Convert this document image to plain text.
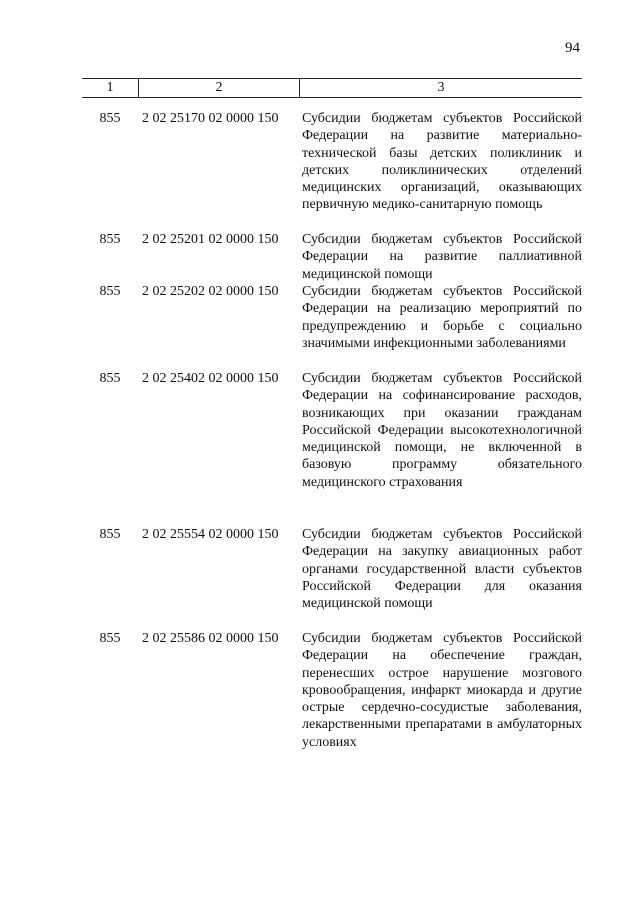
94
1	2	3
855	2 02 25170 02 0000 150	Субсидии бюджетам субъектов Российской Федерации на развитие материально-технической базы детских поликлиник и детских поликлинических отделений медицинских организаций, оказывающих первичную медико-санитарную помощь
855	2 02 25201 02 0000 150	Субсидии бюджетам субъектов Российской Федерации на развитие паллиативной медицинской помощи
855	2 02 25202 02 0000 150	Субсидии бюджетам субъектов Российской Федерации на реализацию мероприятий по предупреждению и борьбе с социально значимыми инфекционными заболеваниями
855	2 02 25402 02 0000 150	Субсидии бюджетам субъектов Российской Федерации на софинансирование расходов, возникающих при оказании гражданам Российской Федерации высокотехнологичной медицинской помощи, не включенной в базовую программу обязательного медицинского страхования
855	2 02 25554 02 0000 150	Субсидии бюджетам субъектов Российской Федерации на закупку авиационных работ органами государственной власти субъектов Российской Федерации для оказания медицинской помощи
855	2 02 25586 02 0000 150	Субсидии бюджетам субъектов Российской Федерации на обеспечение граждан, перенесших острое нарушение мозгового кровообращения, инфаркт миокарда и другие острые сердечно-сосудистые заболевания, лекарственными препаратами в амбулаторных условиях
